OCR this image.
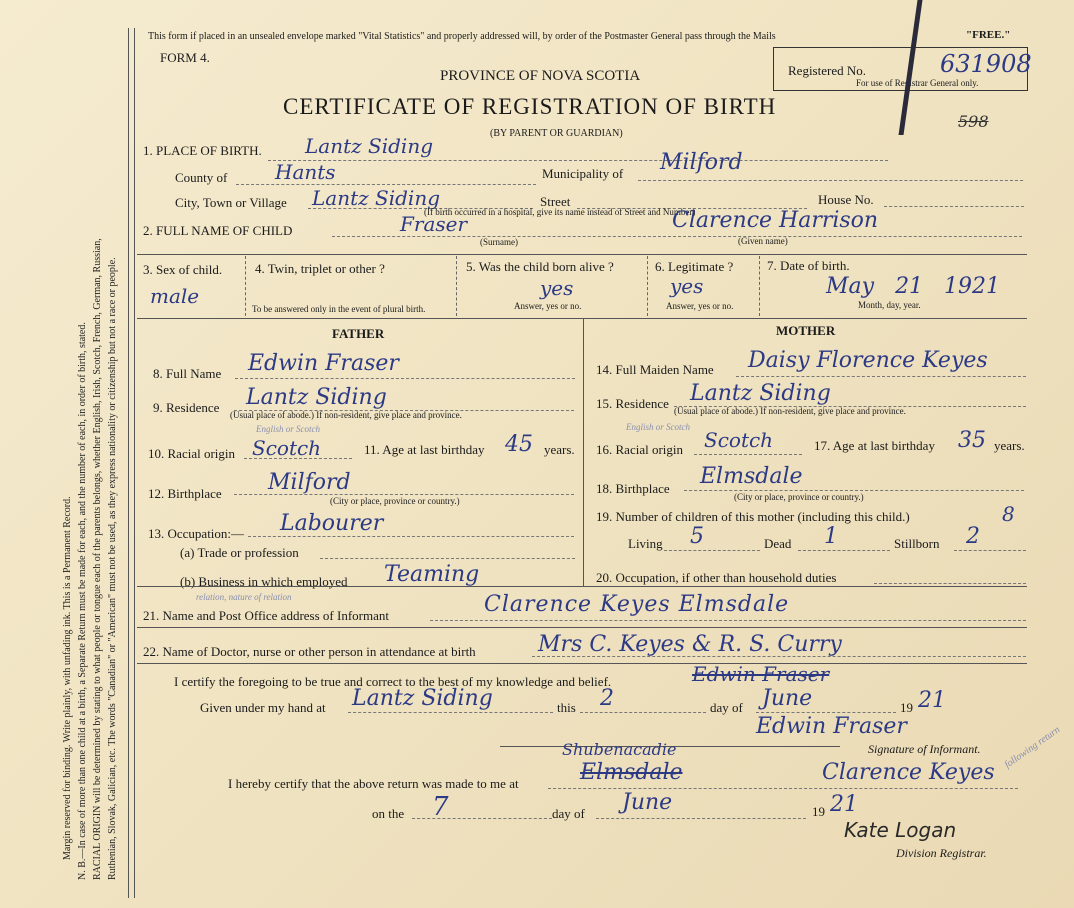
Margin reserved for binding. Write plainly, with unfading ink. This is a Permanent Record. N. B.—In case of more than one child at a birth, a Separate Return must be made for each, and the number of each, in order of birth, stated. RACIAL ORIGIN will be determined by stating to what people or tongue each of the parents belongs, whether English, Irish, Scotch, French, German, Russian, Ruthenian, Slovak, Galician, etc. The words "Canadian" or "American" must not be used, as they express nationality or citizenship but not a race or people.
This form if placed in an unsealed envelope marked "Vital Statistics" and properly addressed will, by order of the Postmaster General pass through the Mails	"FREE."
FORM 4.
PROVINCE OF NOVA SCOTIA
CERTIFICATE OF REGISTRATION OF BIRTH
(BY PARENT OR GUARDIAN)
Registered No.
For use of Registrar General only.
631908
598
1. PLACE OF BIRTH. Lantz Siding
County of Hants	Municipality of Milford
City, Town or Village Lantz Siding	Street	House No.
(If birth occurred in a hospital, give its name instead of Street and Number)
2. FULL NAME OF CHILD	Fraser	Clarence Harrison
(Surname)	(Given name)
3. Sex of child.
male
4. Twin, triplet or other ?
To be answered only in the event of plural birth.
5. Was the child born alive ?
yes
Answer, yes or no.
6. Legitimate ?
yes
Answer, yes or no.
7. Date of birth.
May 21 1921
Month, day, year.
FATHER	MOTHER
8. Full Name Edwin Fraser
9. Residence Lantz Siding
(Usual place of abode.) If non-resident, give place and province.
10. Racial origin
English or Scotch
Scotch	11. Age at last birthday 45 years.
12. Birthplace Milford
(City or place, province or country.)
13. Occupation:— Labourer
(a) Trade or profession
(b) Business in which employed Teaming
14. Full Maiden Name Daisy Florence Keyes
15. Residence Lantz Siding
(Usual place of abode.) If non-resident, give place and province.
16. Racial origin
English or Scotch
Scotch	17. Age at last birthday 35 years.
18. Birthplace Elmsdale
(City or place, province or country.)
19. Number of children of this mother (including this child.)	8
Living 5	Dead 1	Stillborn 2
20. Occupation, if other than household duties
relation, nature of relation
21. Name and Post Office address of Informant	Clarence Keyes Elmsdale
22. Name of Doctor, nurse or other person in attendance at birth	Mrs C. Keyes & R. S. Curry
I certify the foregoing to be true and correct to the best of my knowledge and belief.	Edwin Fraser
Given under my hand at Lantz Siding	this 2	day of June	19 21
Edwin Fraser
Signature of Informant. following return
Shubenacadie
I hereby certify that the above return was made to me at	Elmsdale	Clarence Keyes
on the 7	day of June	19 21
Kate Logan
Division Registrar.
